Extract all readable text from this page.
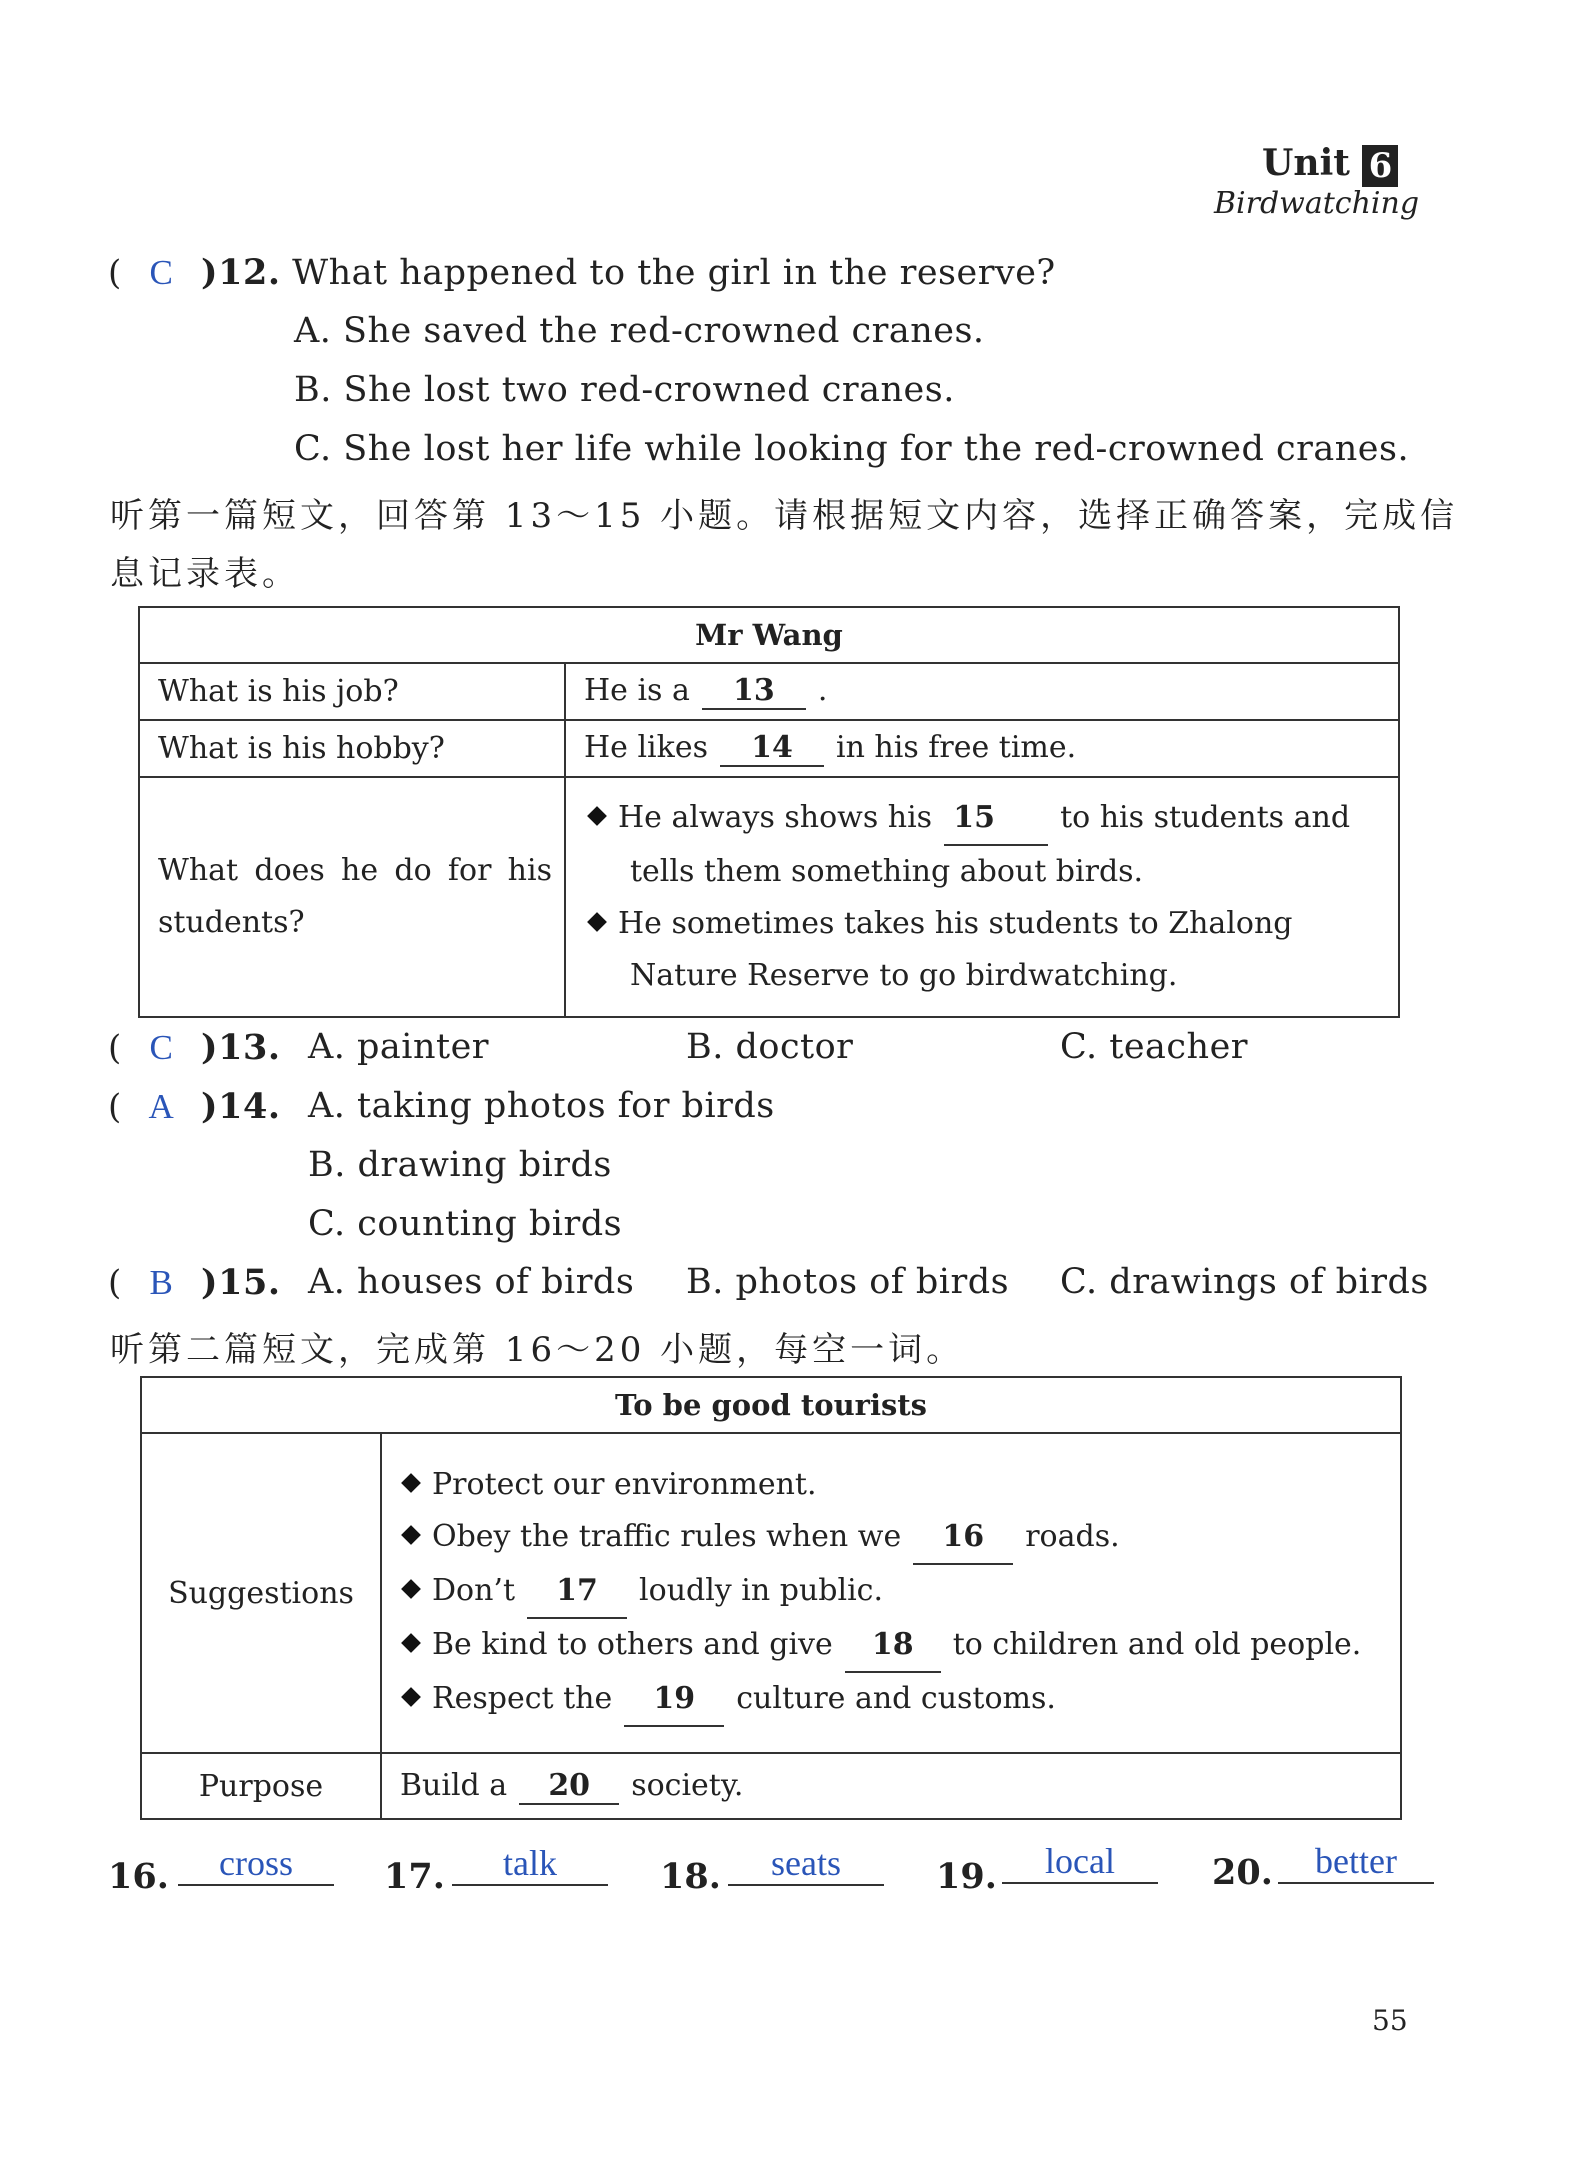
Unit 6
Birdwatching
( C )12. What happened to the girl in the reserve?
A. She saved the red-crowned cranes.
B. She lost two red-crowned cranes.
C. She lost her life while looking for the red-crowned cranes.
听第一篇短文，回答第 13～15 小题。请根据短文内容，选择正确答案，完成信
息记录表。
Mr Wang	
What is his job?	He is a 13 .
What is his hobby?	He likes 14 in his free time.
What does he do for his students?	He always shows his 15 to his students and tells them something about birds.
He sometimes takes his students to Zhalong Nature Reserve to go birdwatching.
( C )13. A. painter	B. doctor	C. teacher
( A )14. A. taking photos for birds
B. drawing birds
C. counting birds
( B )15. A. houses of birds B. photos of birds C. drawings of birds
听第二篇短文，完成第 16～20 小题，每空一词。
To be good tourists	
Suggestions	Protect our environment.
Obey the traffic rules when we 16 roads.
Don’t 17 loudly in public.
Be kind to others and give 18 to children and old people.
Respect the 19 culture and customs.

Purpose	Build a 20 society.
16.	cross	17.	talk	18.	seats	19.	local	20.	better
55
